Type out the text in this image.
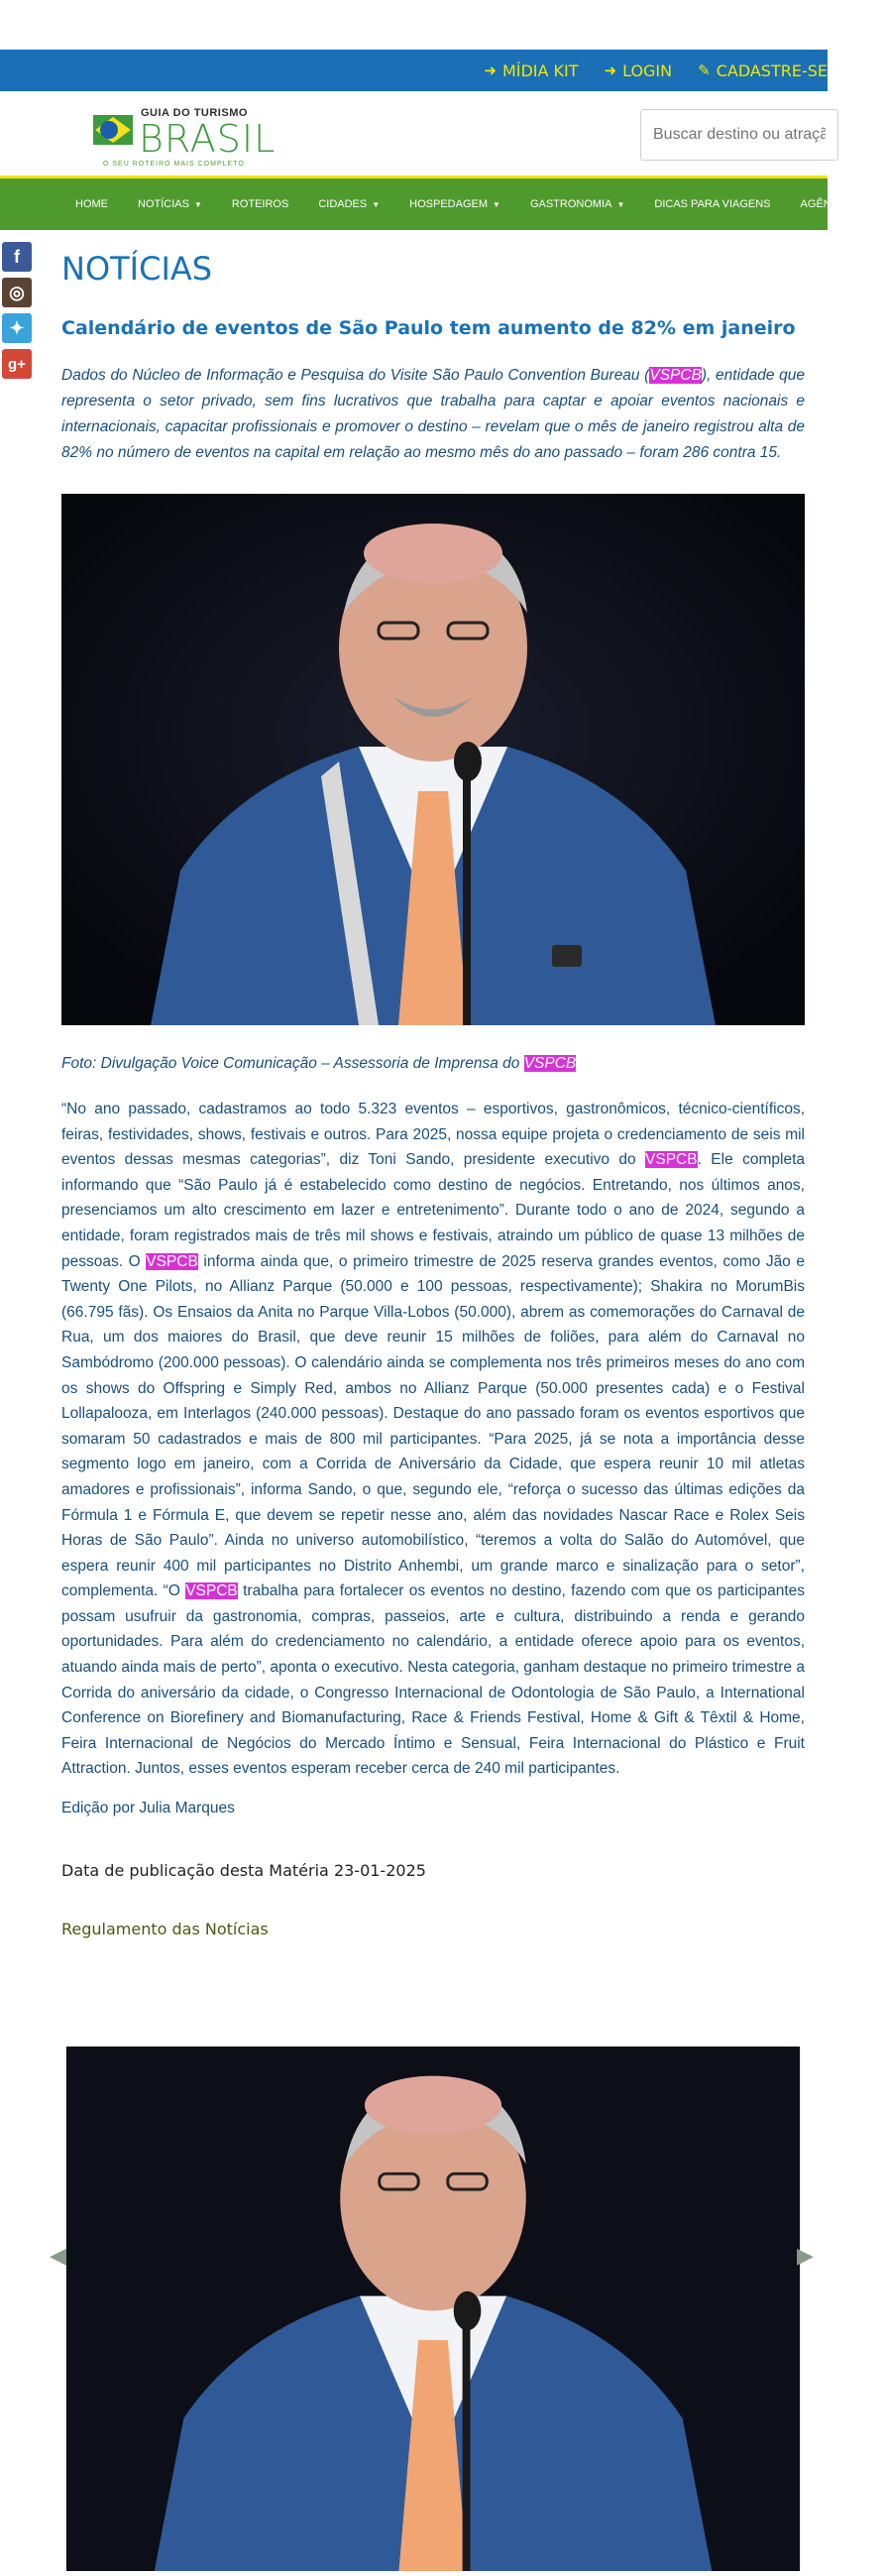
➜ MÍDIA KIT ➜ LOGIN ✎ CADASTRE-SE
GUIA DO TURISMO
BRASIL
O SEU ROTEIRO MAIS COMPLETO
Buscar destino ou atração
HOME	NOTÍCIAS ▼	ROTEIROS	CIDADES ▼	HOSPEDAGEM ▼	GASTRONOMIA ▼	DICAS PARA VIAGENS	AGÊNCIAS
f
◎
✦
g+
NOTÍCIAS
Calendário de eventos de São Paulo tem aumento de 82% em janeiro

Dados do Núcleo de Informação e Pesquisa do Visite São Paulo Convention Bureau (VSPCB), entidade que representa o setor privado, sem fins lucrativos que trabalha para captar e apoiar eventos nacionais e internacionais, capacitar profissionais e promover o destino – revelam que o mês de janeiro registrou alta de 82% no número de eventos na capital em relação ao mesmo mês do ano passado – foram 286 contra 15.

Foto: Divulgação Voice Comunicação – Assessoria de Imprensa do VSPCB

“No ano passado, cadastramos ao todo 5.323 eventos – esportivos, gastronômicos, técnico-científicos, feiras, festividades, shows, festivais e outros. Para 2025, nossa equipe projeta o credenciamento de seis mil eventos dessas mesmas categorias”, diz Toni Sando, presidente executivo do VSPCB. Ele completa informando que “São Paulo já é estabelecido como destino de negócios. Entretando, nos últimos anos, presenciamos um alto crescimento em lazer e entretenimento”. Durante todo o ano de 2024, segundo a entidade, foram registrados mais de três mil shows e festivais, atraindo um público de quase 13 milhões de pessoas. O VSPCB informa ainda que, o primeiro trimestre de 2025 reserva grandes eventos, como Jão e Twenty One Pilots, no Allianz Parque (50.000 e 100 pessoas, respectivamente); Shakira no MorumBis (66.795 fãs). Os Ensaios da Anita no Parque Villa-Lobos (50.000), abrem as comemorações do Carnaval de Rua, um dos maiores do Brasil, que deve reunir 15 milhões de foliões, para além do Carnaval no Sambódromo (200.000 pessoas). O calendário ainda se complementa nos três primeiros meses do ano com os shows do Offspring e Simply Red, ambos no Allianz Parque (50.000 presentes cada) e o Festival Lollapalooza, em Interlagos (240.000 pessoas). Destaque do ano passado foram os eventos esportivos que somaram 50 cadastrados e mais de 800 mil participantes. “Para 2025, já se nota a importância desse segmento logo em janeiro, com a Corrida de Aniversário da Cidade, que espera reunir 10 mil atletas amadores e profissionais”, informa Sando, o que, segundo ele, “reforça o sucesso das últimas edições da Fórmula 1 e Fórmula E, que devem se repetir nesse ano, além das novidades Nascar Race e Rolex Seis Horas de São Paulo”. Ainda no universo automobilístico, “teremos a volta do Salão do Automóvel, que espera reunir 400 mil participantes no Distrito Anhembi, um grande marco e sinalização para o setor”, complementa. “O VSPCB trabalha para fortalecer os eventos no destino, fazendo com que os participantes possam usufruir da gastronomia, compras, passeios, arte e cultura, distribuindo a renda e gerando oportunidades. Para além do credenciamento no calendário, a entidade oferece apoio para os eventos, atuando ainda mais de perto”, aponta o executivo. Nesta categoria, ganham destaque no primeiro trimestre a Corrida do aniversário da cidade, o Congresso Internacional de Odontologia de São Paulo, a International Conference on Biorefinery and Biomanufacturing, Race & Friends Festival, Home & Gift & Têxtil & Home, Feira Internacional de Negócios do Mercado Íntimo e Sensual, Feira Internacional do Plástico e Fruit Attraction. Juntos, esses eventos esperam receber cerca de 240 mil participantes.

Edição por Julia Marques

Data de publicação desta Matéria 23-01-2025

Regulamento das Notícias

◀	▶
